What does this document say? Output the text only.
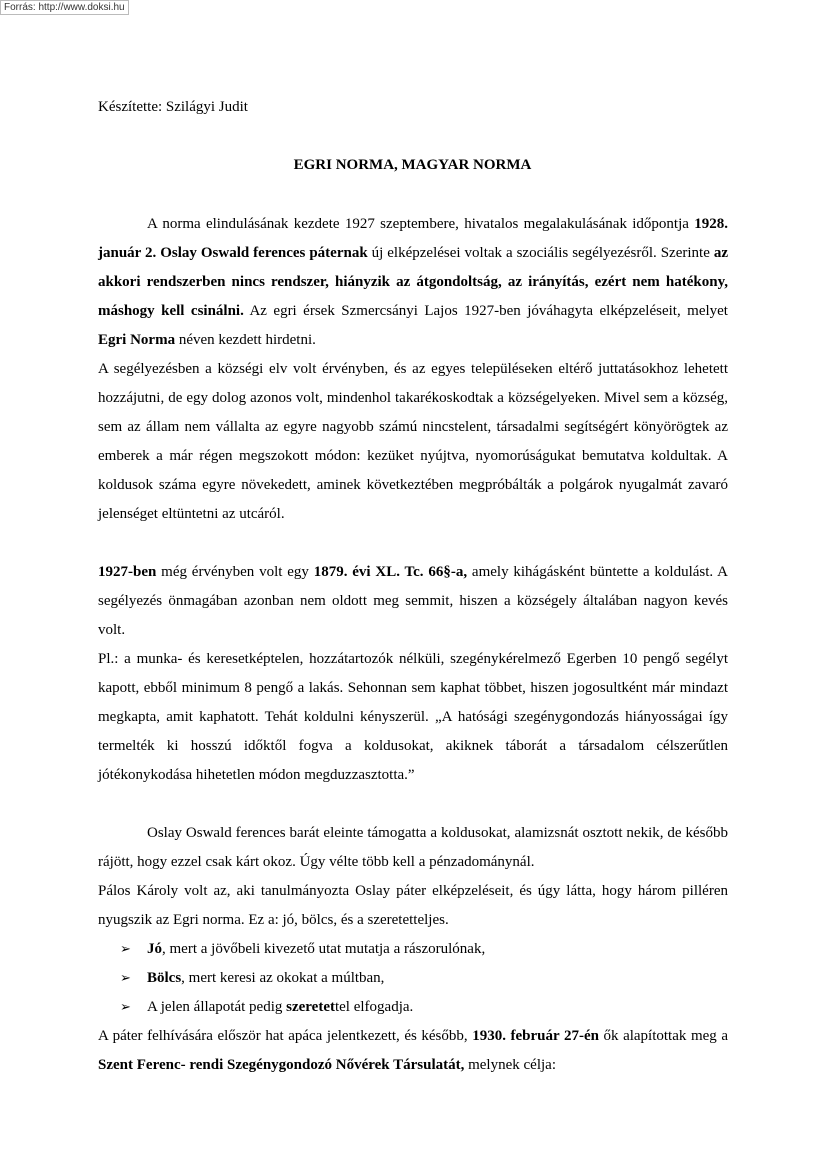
Forrás: http://www.doksi.hu
Készítette: Szilágyi Judit
EGRI NORMA, MAGYAR NORMA

A norma elindulásának kezdete 1927 szeptembere, hivatalos megalakulásának időpontja 1928. január 2. Oslay Oswald ferences páternak új elképzelései voltak a szociális segélyezésről. Szerinte az akkori rendszerben nincs rendszer, hiányzik az átgondoltság, az irányítás, ezért nem hatékony, máshogy kell csinálni. Az egri érsek Szmercsányi Lajos 1927-ben jóváhagyta elképzeléseit, melyet Egri Norma néven kezdett hirdetni.

A segélyezésben a községi elv volt érvényben, és az egyes településeken eltérő juttatásokhoz lehetett hozzájutni, de egy dolog azonos volt, mindenhol takarékoskodtak a községelyeken. Mivel sem a község, sem az állam nem vállalta az egyre nagyobb számú nincstelent, társadalmi segítségért könyörögtek az emberek a már régen megszokott módon: kezüket nyújtva, nyomorúságukat bemutatva koldultak. A koldusok száma egyre növekedett, aminek következtében megpróbálták a polgárok nyugalmát zavaró jelenséget eltüntetni az utcáról.

1927-ben még érvényben volt egy 1879. évi XL. Tc. 66§-a, amely kihágásként büntette a koldulást. A segélyezés önmagában azonban nem oldott meg semmit, hiszen a községely általában nagyon kevés volt.

Pl.: a munka- és keresetképtelen, hozzátartozók nélküli, szegénykérelmező Egerben 10 pengő segélyt kapott, ebből minimum 8 pengő a lakás. Sehonnan sem kaphat többet, hiszen jogosultként már mindazt megkapta, amit kaphatott. Tehát koldulni kényszerül. „A hatósági szegénygondozás hiányosságai így termelték ki hosszú időktől fogva a koldusokat, akiknek táborát a társadalom célszerűtlen jótékonykodása hihetetlen módon megduzzasztotta.”

Oslay Oswald ferences barát eleinte támogatta a koldusokat, alamizsnát osztott nekik, de később rájött, hogy ezzel csak kárt okoz. Úgy vélte több kell a pénzadománynál.

Pálos Károly volt az, aki tanulmányozta Oslay páter elképzeléseit, és úgy látta, hogy három pilléren nyugszik az Egri norma. Ez a: jó, bölcs, és a szeretetteljes.

➢ Jó, mert a jövőbeli kivezető utat mutatja a rászorulónak,
➢ Bölcs, mert keresi az okokat a múltban,
➢ A jelen állapotát pedig szeretettel elfogadja.

A páter felhívására először hat apáca jelentkezett, és később, 1930. február 27-én ők alapítottak meg a Szent Ferenc- rendi Szegénygondozó Nővérek Társulatát, melynek célja:
